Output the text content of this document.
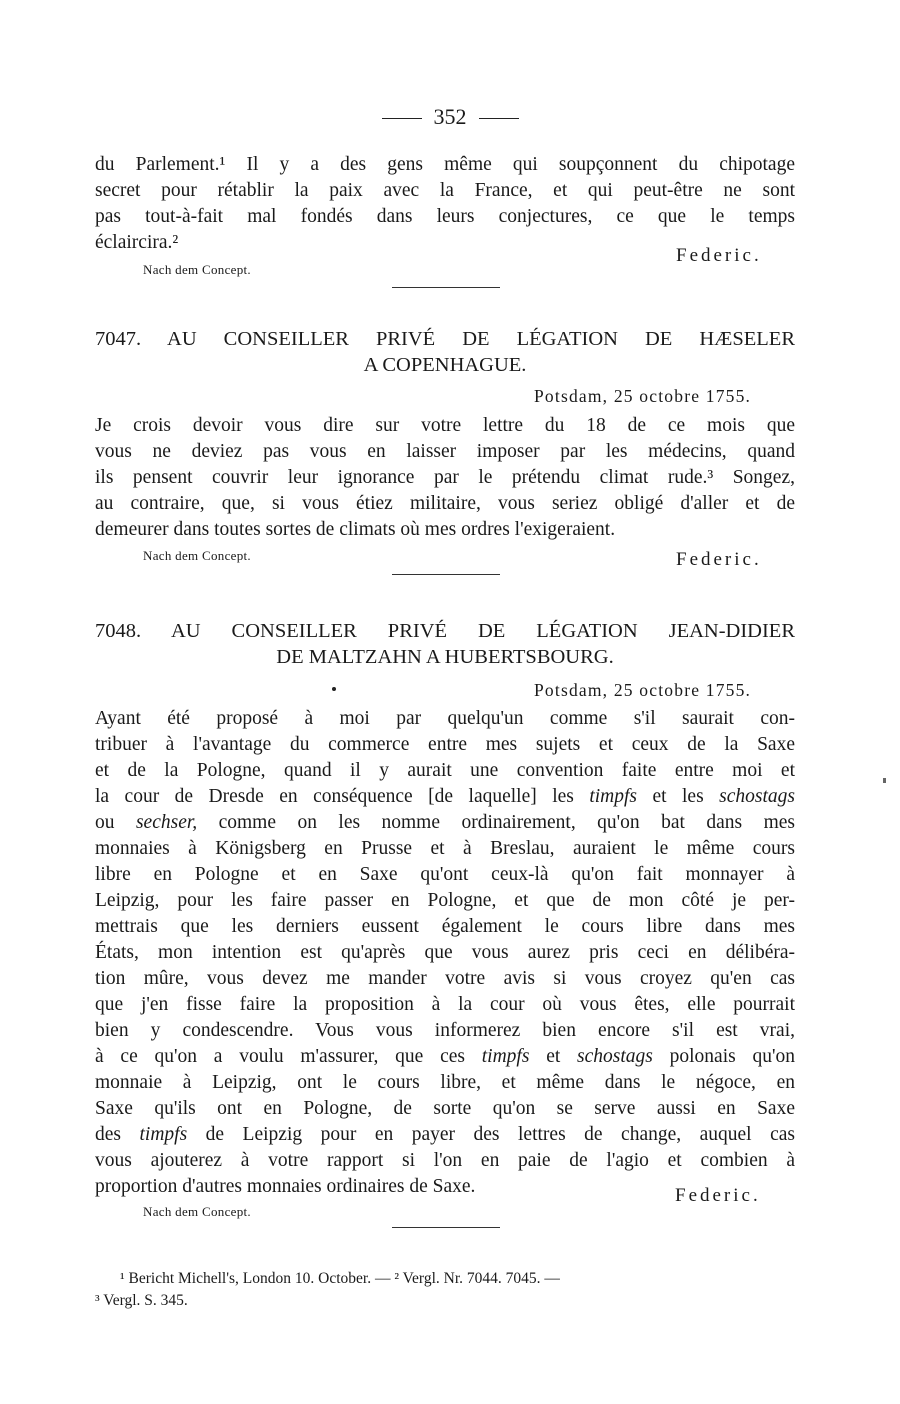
352
du Parlement.¹ Il y a des gens même qui soupçonnent du chipotage
secret pour rétablir la paix avec la France, et qui peut-être ne sont
pas tout-à-fait mal fondés dans leurs conjectures, ce que le temps
éclaircira.²
Federic.
Nach dem Concept.
7047. AU CONSEILLER PRIVÉ DE LÉGATION DE HÆSELER
A COPENHAGUE.
Potsdam, 25 octobre 1755.
Je crois devoir vous dire sur votre lettre du 18 de ce mois que
vous ne deviez pas vous en laisser imposer par les médecins, quand
ils pensent couvrir leur ignorance par le prétendu climat rude.³ Songez,
au contraire, que, si vous étiez militaire, vous seriez obligé d'aller et de
demeurer dans toutes sortes de climats où mes ordres l'exigeraient.
Nach dem Concept.	Federic.
7048. AU CONSEILLER PRIVÉ DE LÉGATION JEAN-DIDIER
DE MALTZAHN A HUBERTSBOURG.
Potsdam, 25 octobre 1755.
Ayant été proposé à moi par quelqu'un comme s'il saurait con-
tribuer à l'avantage du commerce entre mes sujets et ceux de la Saxe
et de la Pologne, quand il y aurait une convention faite entre moi et
la cour de Dresde en conséquence [de laquelle] les timpfs et les schostags
ou sechser, comme on les nomme ordinairement, qu'on bat dans mes
monnaies à Königsberg en Prusse et à Breslau, auraient le même cours
libre en Pologne et en Saxe qu'ont ceux-là qu'on fait monnayer à
Leipzig, pour les faire passer en Pologne, et que de mon côté je per-
mettrais que les derniers eussent également le cours libre dans mes
États, mon intention est qu'après que vous aurez pris ceci en délibéra-
tion mûre, vous devez me mander votre avis si vous croyez qu'en cas
que j'en fisse faire la proposition à la cour où vous êtes, elle pourrait
bien y condescendre. Vous vous informerez bien encore s'il est vrai,
à ce qu'on a voulu m'assurer, que ces timpfs et schostags polonais qu'on
monnaie à Leipzig, ont le cours libre, et même dans le négoce, en
Saxe qu'ils ont en Pologne, de sorte qu'on se serve aussi en Saxe
des timpfs de Leipzig pour en payer des lettres de change, auquel cas
vous ajouterez à votre rapport si l'on en paie de l'agio et combien à
proportion d'autres monnaies ordinaires de Saxe.	Federic.
Nach dem Concept.
¹ Bericht Michell's, London 10. October. — ² Vergl. Nr. 7044. 7045. —
³ Vergl. S. 345.
